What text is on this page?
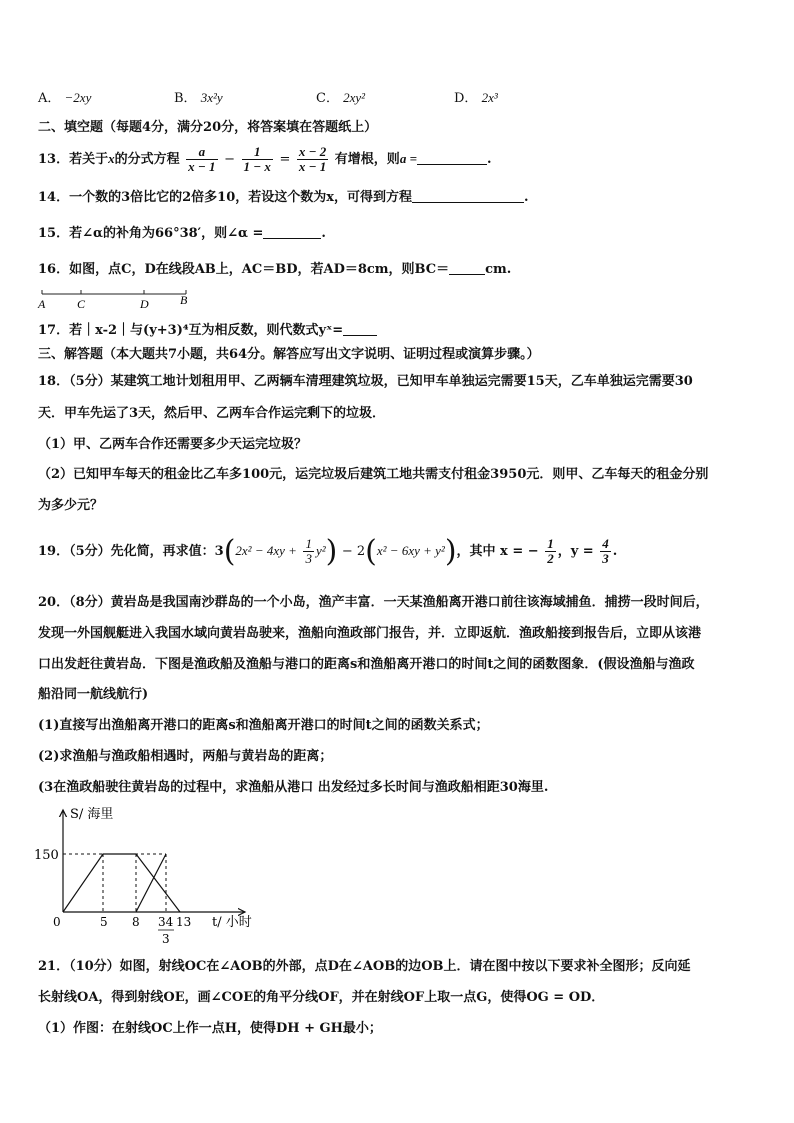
A． −2xy	B． 3x²y	C． 2xy²	D． 2x³
二、填空题（每题4分，满分20分，将答案填在答题纸上）
13．若关于x的分式方程 $\frac{a}{x - 1} - \frac{1}{1 - x} = \frac{x - 2}{x - 1}$ 有增根，则a =	.
14．一个数的3倍比它的2倍多10，若设这个数为x，可得到方程	.
15．若∠α的补角为66°38′，则∠α =	.
16．如图，点C，D在线段AB上，AC＝BD，若AD＝8cm，则BC＝	cm.
A	C	D	B
17．若｜x-2｜与(y+3)⁴互为相反数，则代数式yˣ=
三、解答题（本大题共7小题，共64分。解答应写出文字说明、证明过程或演算步骤。）
18．（5分）某建筑工地计划租用甲、乙两辆车清理建筑垃圾，已知甲车单独运完需要15天，乙车单独运完需要30
天．甲车先运了3天，然后甲、乙两车合作运完剩下的垃圾．
（1）甲、乙两车合作还需要多少天运完垃圾？
（2）已知甲车每天的租金比乙车多100元，运完垃圾后建筑工地共需支付租金3950元．则甲、乙车每天的租金分别
为多少元？
19．（5分）先化简，再求值：$3(2x^2 - 4xy + \frac{1}{3} y^2) - 2(x^2 - 6xy + y^2)$，其中 x = − $\frac{1}{2}$ ，$y = \frac{4}{3}$ .
20．（8分）黄岩岛是我国南沙群岛的一个小岛，渔产丰富．一天某渔船离开港口前往该海域捕鱼．捕捞一段时间后，
发现一外国舰艇进入我国水域向黄岩岛驶来，渔船向渔政部门报告，并．立即返航．渔政船接到报告后，立即从该港
口出发赶往黄岩岛．下图是渔政船及渔船与港口的距离s和渔船离开港口的时间t之间的函数图象．(假设渔船与渔政
船沿同一航线航行)
(1)直接写出渔船离开港口的距离s和渔船离开港口的时间t之间的函数关系式；
(2)求渔船与渔政船相遇时，两船与黄岩岛的距离；
(3在渔政船驶往黄岩岛的过程中，求渔船从港口 出发经过多长时间与渔政船相距30海里.
S/ 海里
150
0	5 8 34
3
13 t/ 小时
21．（10分）如图，射线OC在∠AOB的外部，点D在∠AOB的边OB上．请在图中按以下要求补全图形；反向延
长射线OA，得到射线OE，画∠COE的角平分线OF，并在射线OF上取一点G，使得OG = OD．
（1）作图：在射线OC上作一点H，使得DH + GH最小；
